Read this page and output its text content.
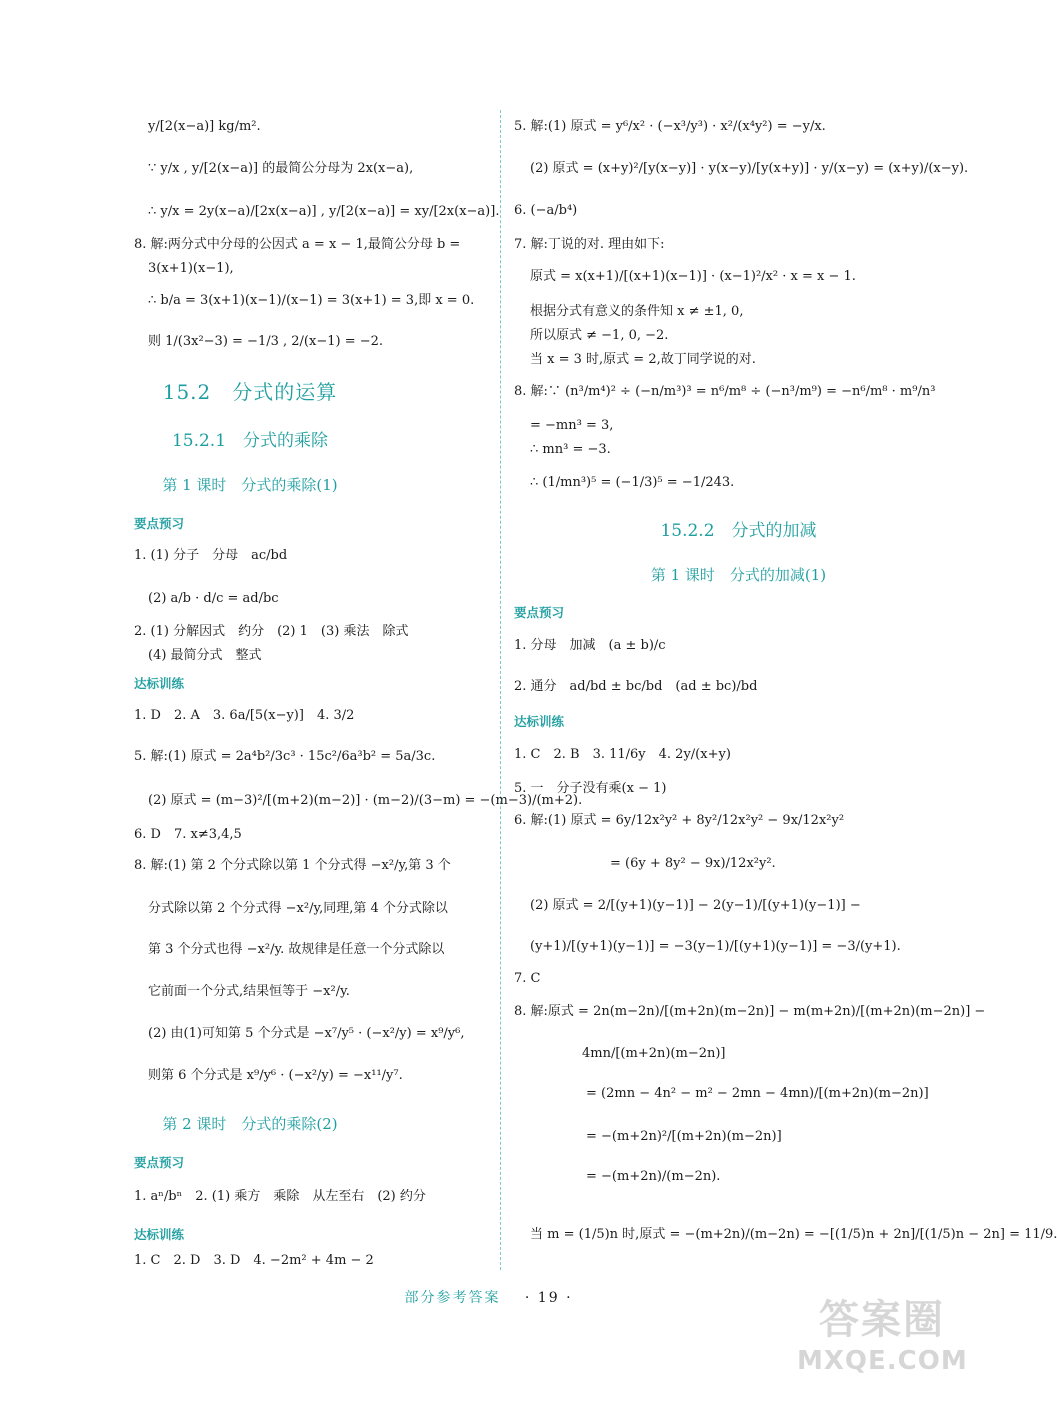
y/[2(x−a)] kg/m².
∵ y/x , y/[2(x−a)] 的最简公分母为 2x(x−a),
∴ y/x = 2y(x−a)/[2x(x−a)] , y/[2(x−a)] = xy/[2x(x−a)].
8. 解:两分式中分母的公因式 a = x − 1,最简公分母 b =
3(x+1)(x−1),
∴ b/a = 3(x+1)(x−1)/(x−1) = 3(x+1) = 3,即 x = 0.
则 1/(3x²−3) = −1/3 , 2/(x−1) = −2.
15.2　分式的运算
15.2.1　分式的乘除
第 1 课时　分式的乘除(1)
要点预习
1. (1) 分子　分母　ac/bd
(2) a/b · d/c = ad/bc
2. (1) 分解因式　约分　(2) 1　(3) 乘法　除式
(4) 最简分式　整式
达标训练
1. D　2. A　3. 6a/[5(x−y)]　4. 3/2
5. 解:(1) 原式 = 2a⁴b²/3c³ · 15c²/6a³b² = 5a/3c.
(2) 原式 = (m−3)²/[(m+2)(m−2)] · (m−2)/(3−m) = −(m−3)/(m+2).
6. D　7. x≠3,4,5
8. 解:(1) 第 2 个分式除以第 1 个分式得 −x²/y,第 3 个
分式除以第 2 个分式得 −x²/y,同理,第 4 个分式除以
第 3 个分式也得 −x²/y. 故规律是任意一个分式除以
它前面一个分式,结果恒等于 −x²/y.
(2) 由(1)可知第 5 个分式是 −x⁷/y⁵ · (−x²/y) = x⁹/y⁶,
则第 6 个分式是 x⁹/y⁶ · (−x²/y) = −x¹¹/y⁷.
第 2 课时　分式的乘除(2)
要点预习
1. aⁿ/bⁿ　2. (1) 乘方　乘除　从左至右　(2) 约分
达标训练
1. C　2. D　3. D　4. −2m² + 4m − 2
5. 解:(1) 原式 = y⁶/x² · (−x³/y³) · x²/(x⁴y²) = −y/x.
(2) 原式 = (x+y)²/[y(x−y)] · y(x−y)/[y(x+y)] · y/(x−y) = (x+y)/(x−y).
6. (−a/b⁴)
7. 解:丁说的对. 理由如下:
原式 = x(x+1)/[(x+1)(x−1)] · (x−1)²/x² · x = x − 1.
根据分式有意义的条件知 x ≠ ±1, 0,
所以原式 ≠ −1, 0, −2.
当 x = 3 时,原式 = 2,故丁同学说的对.
8. 解:∵ (n³/m⁴)² ÷ (−n/m³)³ = n⁶/m⁸ ÷ (−n³/m⁹) = −n⁶/m⁸ · m⁹/n³
= −mn³ = 3,
∴ mn³ = −3.
∴ (1/mn³)⁵ = (−1/3)⁵ = −1/243.
15.2.2　分式的加减
第 1 课时　分式的加减(1)
要点预习
1. 分母　加减　(a ± b)/c
2. 通分　ad/bd ± bc/bd　(ad ± bc)/bd
达标训练
1. C　2. B　3. 11/6y　4. 2y/(x+y)
5. 一　分子没有乘(x − 1)
6. 解:(1) 原式 = 6y/12x²y² + 8y²/12x²y² − 9x/12x²y²
= (6y + 8y² − 9x)/12x²y².
(2) 原式 = 2/[(y+1)(y−1)] − 2(y−1)/[(y+1)(y−1)] −
(y+1)/[(y+1)(y−1)] = −3(y−1)/[(y+1)(y−1)] = −3/(y+1).
7. C
8. 解:原式 = 2n(m−2n)/[(m+2n)(m−2n)] − m(m+2n)/[(m+2n)(m−2n)] −
4mn/[(m+2n)(m−2n)]
= (2mn − 4n² − m² − 2mn − 4mn)/[(m+2n)(m−2n)]
= −(m+2n)²/[(m+2n)(m−2n)]
= −(m+2n)/(m−2n).
当 m = (1/5)n 时,原式 = −(m+2n)/(m−2n) = −[(1/5)n + 2n]/[(1/5)n − 2n] = 11/9.
部分参考答案 · 19 ·	答案圈
MXQE.COM
